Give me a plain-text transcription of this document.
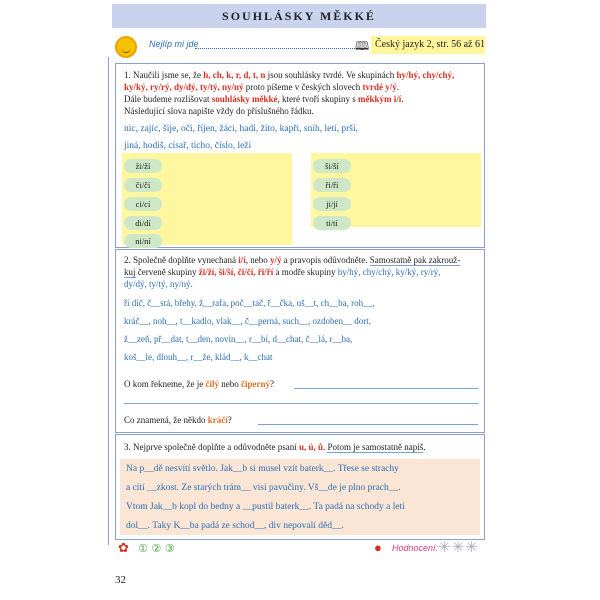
SOUHLÁSKY MĚKKÉ
Nejlíp mi jde	🕮 Český jazyk 2, str. 56 až 61
1. Naučili jsme se, že h, ch, k, r, d, t, n jsou souhlásky tvrdé. Ve skupinách hy/hý, chy/chý,
ky/ký, ry/rý, dy/dý, ty/tý, ny/ný proto píšeme v českých slovech tvrdé y/ý.
Dále budeme rozlišovat souhlásky měkké, které tvoří skupiny s měkkým i/í.
Následující slova napište vždy do příslušného řádku.
nic, zajíc, šije, oči, říjen, žáci, hadi, žito, kapři, sníh, letí, prší,
jiná, hodiš, císař, ticho, číslo, leží
ži/ží
či/čí
ci/cí
di/dí
ni/ní
ši/ší
ři/ří
ji/jí
ti/tí
2. Společně doplňte vynechaná i/í, nebo y/ý a pravopis odůvodněte. Samostatně pak zakrouž-
kuj červeně skupiny ži/ží, ši/ší, či/čí, ři/ří a modře skupiny hy/hý, chy/chý, ky/ký, ry/rý,
dy/dý, ty/tý, ny/ný.
ří dič, č__stá, břehy, ž__rafa, poč__tač, ř__čka, uš__t, ch__ba, roh__,
kráč__, noh__, t__kadlo, vlak__, č__perná, such__, ozdoben__ dort,
ž__zeň, př__dat, t__den, novin__, r__bí, d__chat, č__lá, r__ba,
koš__le, dlouh__, r__že, klád__, k__chat
O kom řekneme, že je čilý nebo čiperný?
Co znamená, že někdo kráčí?
3. Nejprve společně doplňte a odůvodněte psaní u, ú, ů. Potom je samostatně napiš.
Na p__dě nesvítí světlo. Jak__b si musel vzít baterk__. Třese se strachy
a cítí __zkost. Ze starých trám__ visí pavučiny. Vš__de je plno prach__.
Vtom Jak__b kopl do bedny a __pustil baterk__. Ta padá na schody a letí
dol__. Taky K__ba padá ze schod__, div nepovalí děd__.
✿ ① ② ③	● Hodnocení: ✳✳✳
32
